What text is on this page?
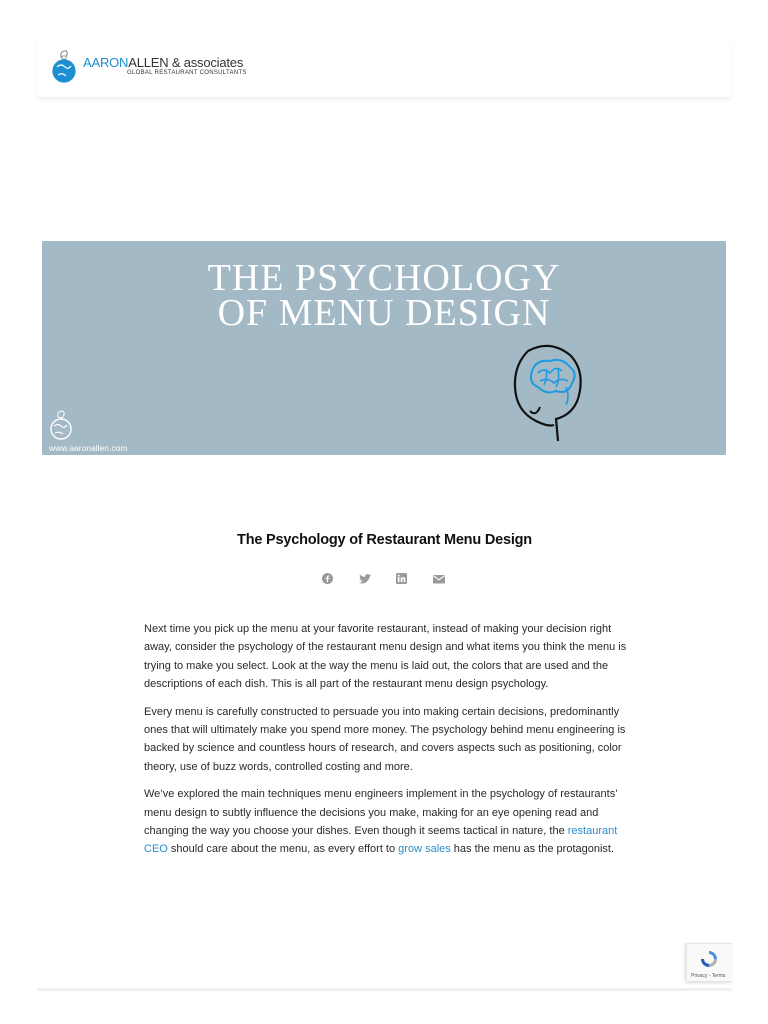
AARONALLEN & associates
GLOBAL RESTAURANT CONSULTANTS
THE PSYCHOLOGY
OF MENU DESIGN
www.aaronallen.com
The Psychology of Restaurant Menu Design

Next time you pick up the menu at your favorite restaurant, instead of making your decision right away, consider the psychology of the restaurant menu design and what items you think the menu is trying to make you select. Look at the way the menu is laid out, the colors that are used and the descriptions of each dish. This is all part of the restaurant menu design psychology.

Every menu is carefully constructed to persuade you into making certain decisions, predominantly ones that will ultimately make you spend more money. The psychology behind menu engineering is backed by science and countless hours of research, and covers aspects such as positioning, color theory, use of buzz words, controlled costing and more.

We’ve explored the main techniques menu engineers implement in the psychology of restaurants’ menu design to subtly influence the decisions you make, making for an eye opening read and changing the way you choose your dishes. Even though it seems tactical in nature, the restaurant CEO should care about the menu, as every effort to grow sales has the menu as the protagonist.

Privacy - Terms
